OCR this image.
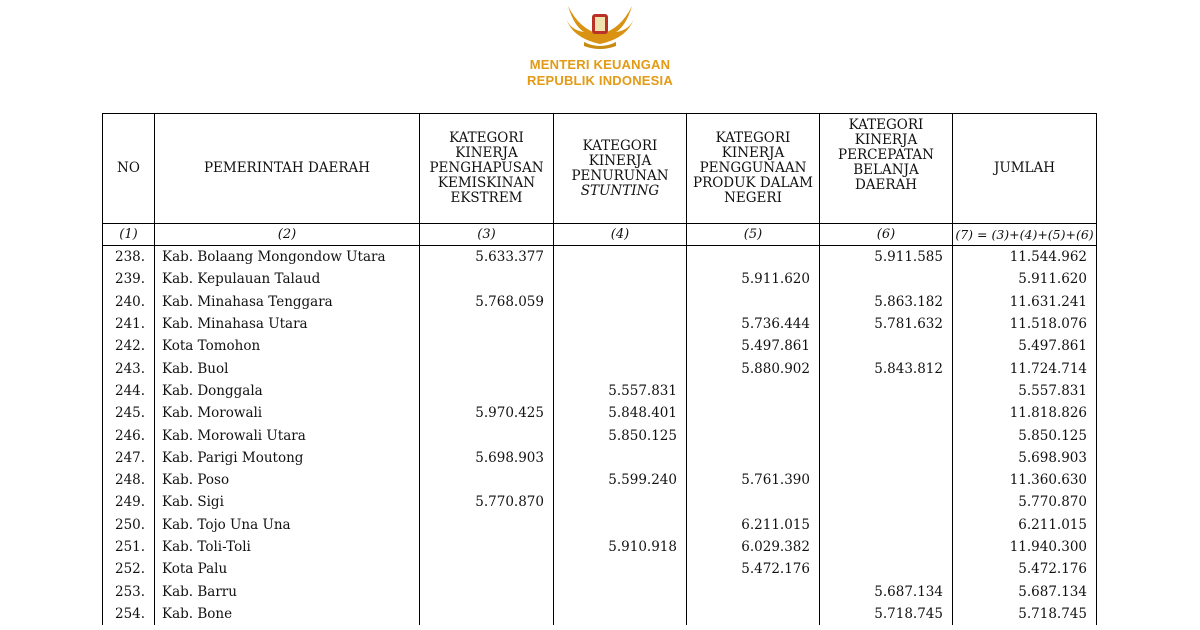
MENTERI KEUANGAN
REPUBLIK INDONESIA
NO	PEMERINTAH DAERAH	KATEGORI
KINERJA
PENGHAPUSAN
KEMISKINAN
EKSTREM	KATEGORI
KINERJA
PENURUNAN
STUNTING	KATEGORI
KINERJA
PENGGUNAAN
PRODUK DALAM
NEGERI	KATEGORI
KINERJA
PERCEPATAN
BELANJA
DAERAH	JUMLAH
(1)	(2)	(3)	(4)	(5)	(6)	(7) = (3)+(4)+(5)+(6)
238.	Kab. Bolaang Mongondow Utara	5.633.377			5.911.585	11.544.962
239.	Kab. Kepulauan Talaud			5.911.620		5.911.620
240.	Kab. Minahasa Tenggara	5.768.059			5.863.182	11.631.241
241.	Kab. Minahasa Utara			5.736.444	5.781.632	11.518.076
242.	Kota Tomohon			5.497.861		5.497.861
243.	Kab. Buol			5.880.902	5.843.812	11.724.714
244.	Kab. Donggala		5.557.831			5.557.831
245.	Kab. Morowali	5.970.425	5.848.401			11.818.826
246.	Kab. Morowali Utara		5.850.125			5.850.125
247.	Kab. Parigi Moutong	5.698.903				5.698.903
248.	Kab. Poso		5.599.240	5.761.390		11.360.630
249.	Kab. Sigi	5.770.870				5.770.870
250.	Kab. Tojo Una Una			6.211.015		6.211.015
251.	Kab. Toli-Toli		5.910.918	6.029.382		11.940.300
252.	Kota Palu			5.472.176		5.472.176
253.	Kab. Barru				5.687.134	5.687.134
254.	Kab. Bone				5.718.745	5.718.745
